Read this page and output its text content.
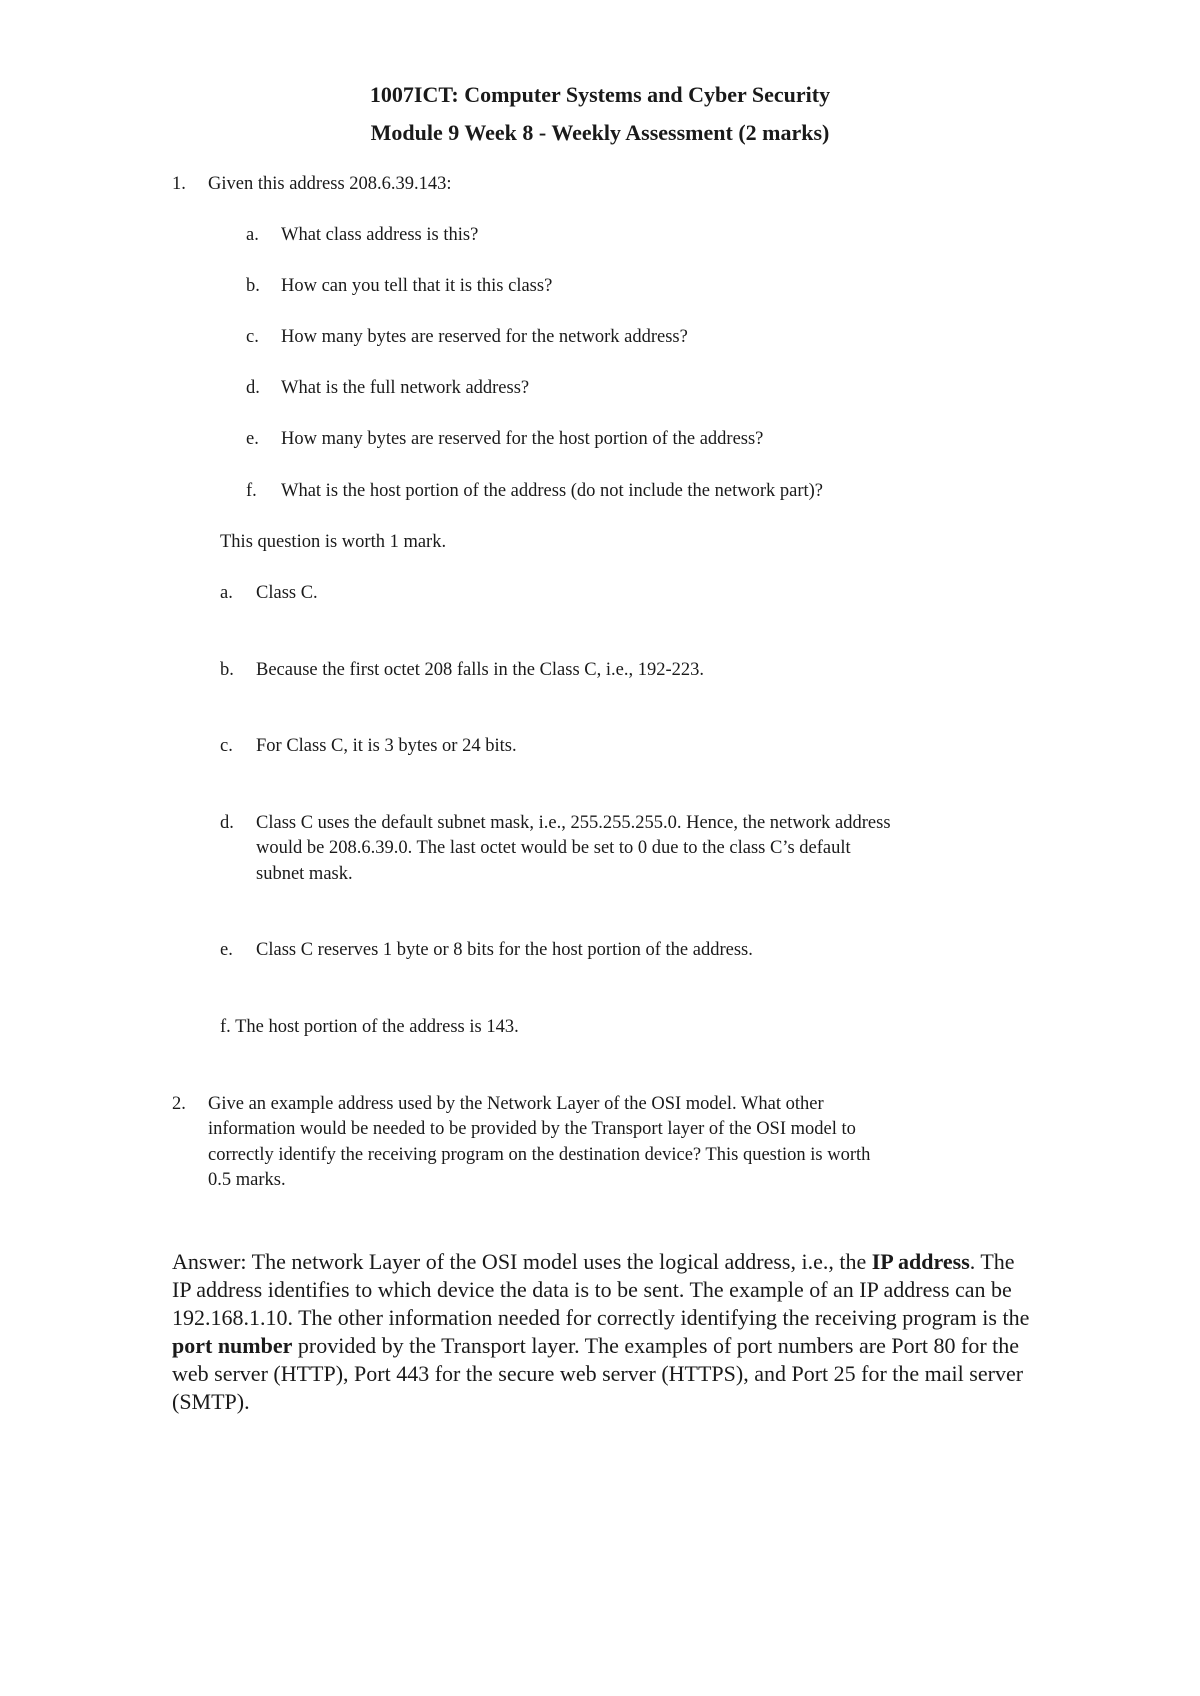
1007ICT: Computer Systems and Cyber Security
Module 9 Week 8 - Weekly Assessment (2 marks)
1. Given this address 208.6.39.143:
a. What class address is this?
b. How can you tell that it is this class?
c. How many bytes are reserved for the network address?
d. What is the full network address?
e. How many bytes are reserved for the host portion of the address?
f. What is the host portion of the address (do not include the network part)?
This question is worth 1 mark.
a. Class C.
b. Because the first octet 208 falls in the Class C, i.e., 192-223.
c. For Class C, it is 3 bytes or 24 bits.
d. Class C uses the default subnet mask, i.e., 255.255.255.0. Hence, the network address
would be 208.6.39.0. The last octet would be set to 0 due to the class C’s default
subnet mask.
e. Class C reserves 1 byte or 8 bits for the host portion of the address.
f. The host portion of the address is 143.
2. Give an example address used by the Network Layer of the OSI model. What other
information would be needed to be provided by the Transport layer of the OSI model to
correctly identify the receiving program on the destination device? This question is worth
0.5 marks.
Answer: The network Layer of the OSI model uses the logical address, i.e., the IP address. The IP address identifies to which device the data is to be sent. The example of an IP address can be 192.168.1.10. The other information needed for correctly identifying the receiving program is the port number provided by the Transport layer. The examples of port numbers are Port 80 for the web server (HTTP), Port 443 for the secure web server (HTTPS), and Port 25 for the mail server (SMTP).
